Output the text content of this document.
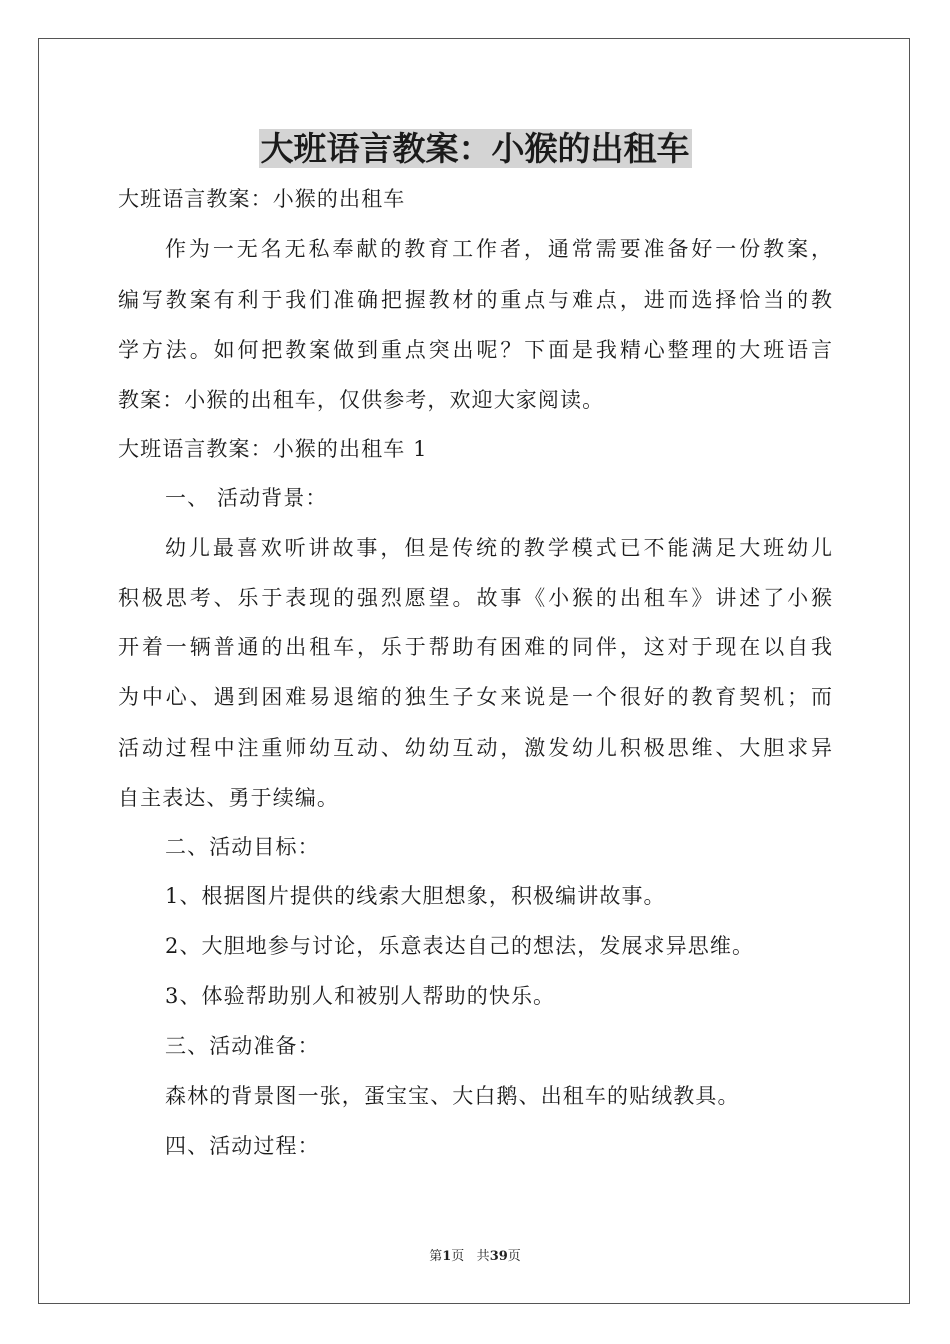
大班语言教案：小猴的出租车
大班语言教案：小猴的出租车
作为一无名无私奉献的教育工作者，通常需要准备好一份教案，
编写教案有利于我们准确把握教材的重点与难点，进而选择恰当的教
学方法。如何把教案做到重点突出呢？下面是我精心整理的大班语言
教案：小猴的出租车，仅供参考，欢迎大家阅读。
大班语言教案：小猴的出租车 1
一、 活动背景：
幼儿最喜欢听讲故事，但是传统的教学模式已不能满足大班幼儿
积极思考、乐于表现的强烈愿望。故事《小猴的出租车》讲述了小猴
开着一辆普通的出租车，乐于帮助有困难的同伴，这对于现在以自我
为中心、遇到困难易退缩的独生子女来说是一个很好的教育契机；而
活动过程中注重师幼互动、幼幼互动，激发幼儿积极思维、大胆求异
自主表达、勇于续编。
二、活动目标：
1、根据图片提供的线索大胆想象，积极编讲故事。
2、大胆地参与讨论，乐意表达自己的想法，发展求异思维。
3、体验帮助别人和被别人帮助的快乐。
三、活动准备：
森林的背景图一张，蛋宝宝、大白鹅、出租车的贴绒教具。
四、活动过程：
第1页 共39页
